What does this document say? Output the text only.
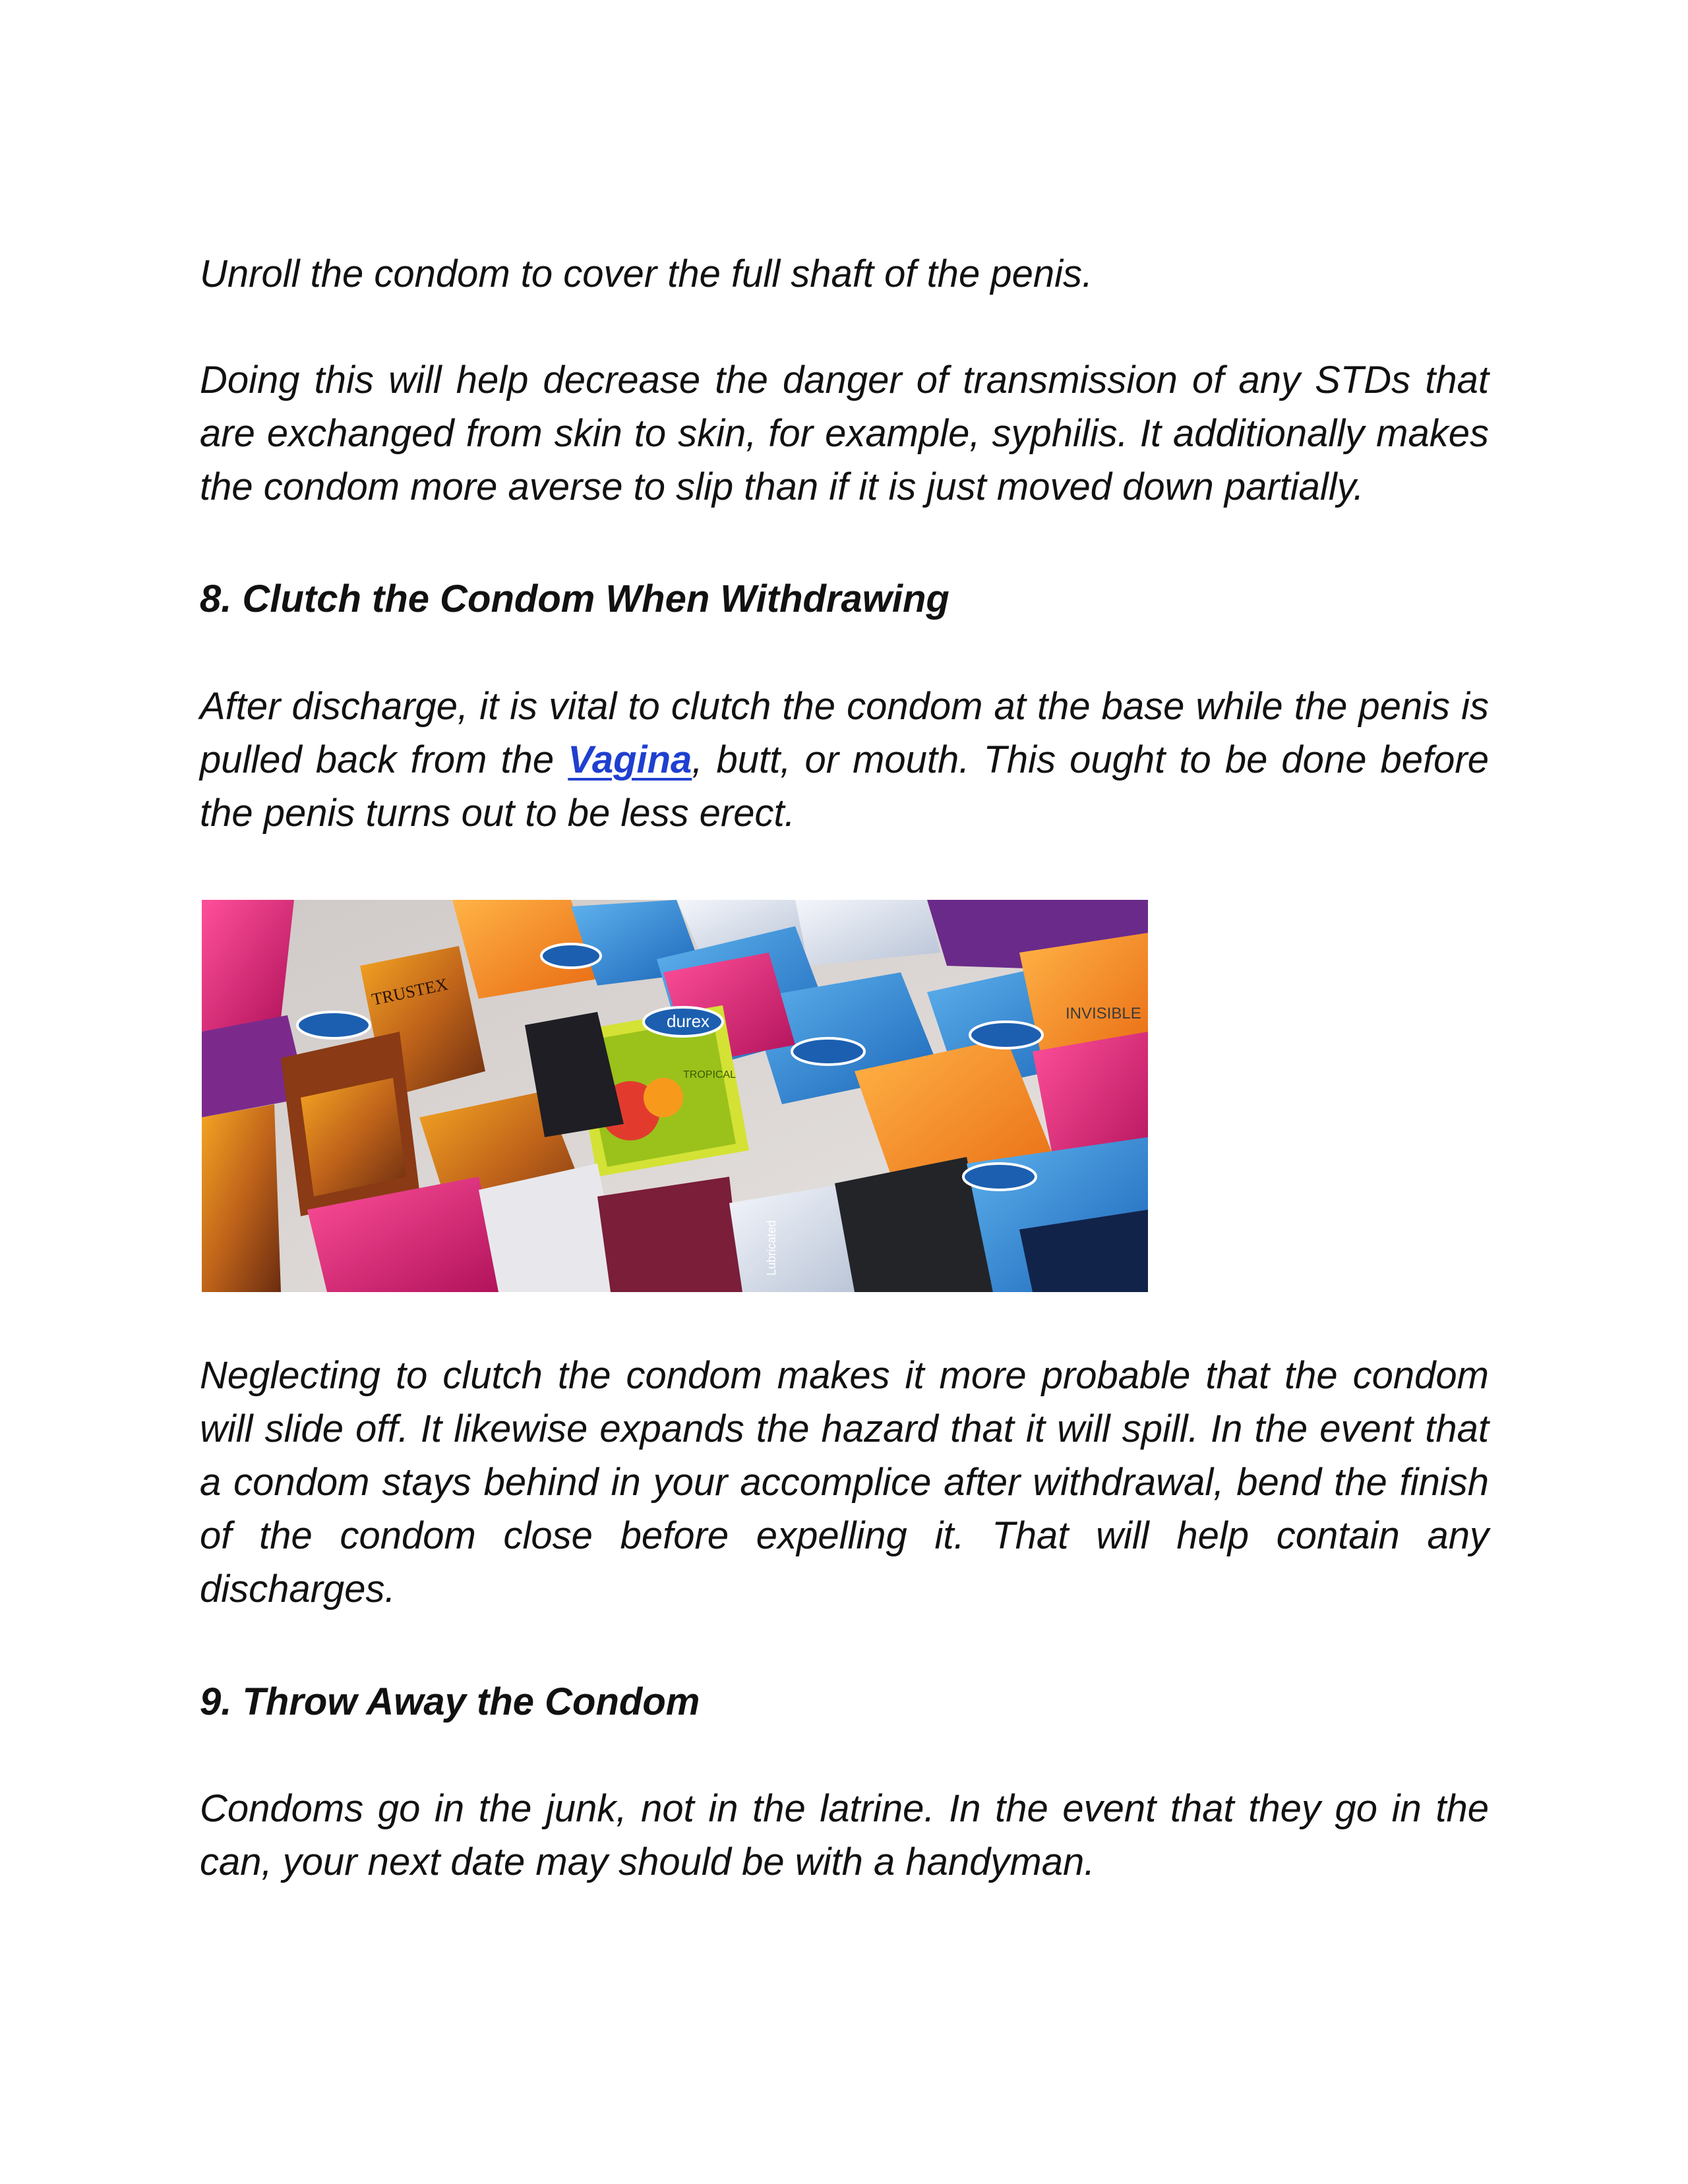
Unroll the condom to cover the full shaft of the penis.

Doing this will help decrease the danger of transmission of any STDs that are exchanged from skin to skin, for example, syphilis. It additionally makes the condom more averse to slip than if it is just moved down partially.

8. Clutch the Condom When Withdrawing

After discharge, it is vital to clutch the condom at the base while the penis is pulled back from the Vagina, butt, or mouth. This ought to be done before the penis turns out to be less erect.

durex
TRUSTEX
INVISIBLE
TROPICAL
Lubricated

Neglecting to clutch the condom makes it more probable that the condom will slide off. It likewise expands the hazard that it will spill. In the event that a condom stays behind in your accomplice after withdrawal, bend the finish of the condom close before expelling it. That will help contain any discharges.

9. Throw Away the Condom

Condoms go in the junk, not in the latrine. In the event that they go in the can, your next date may should be with a handyman.
